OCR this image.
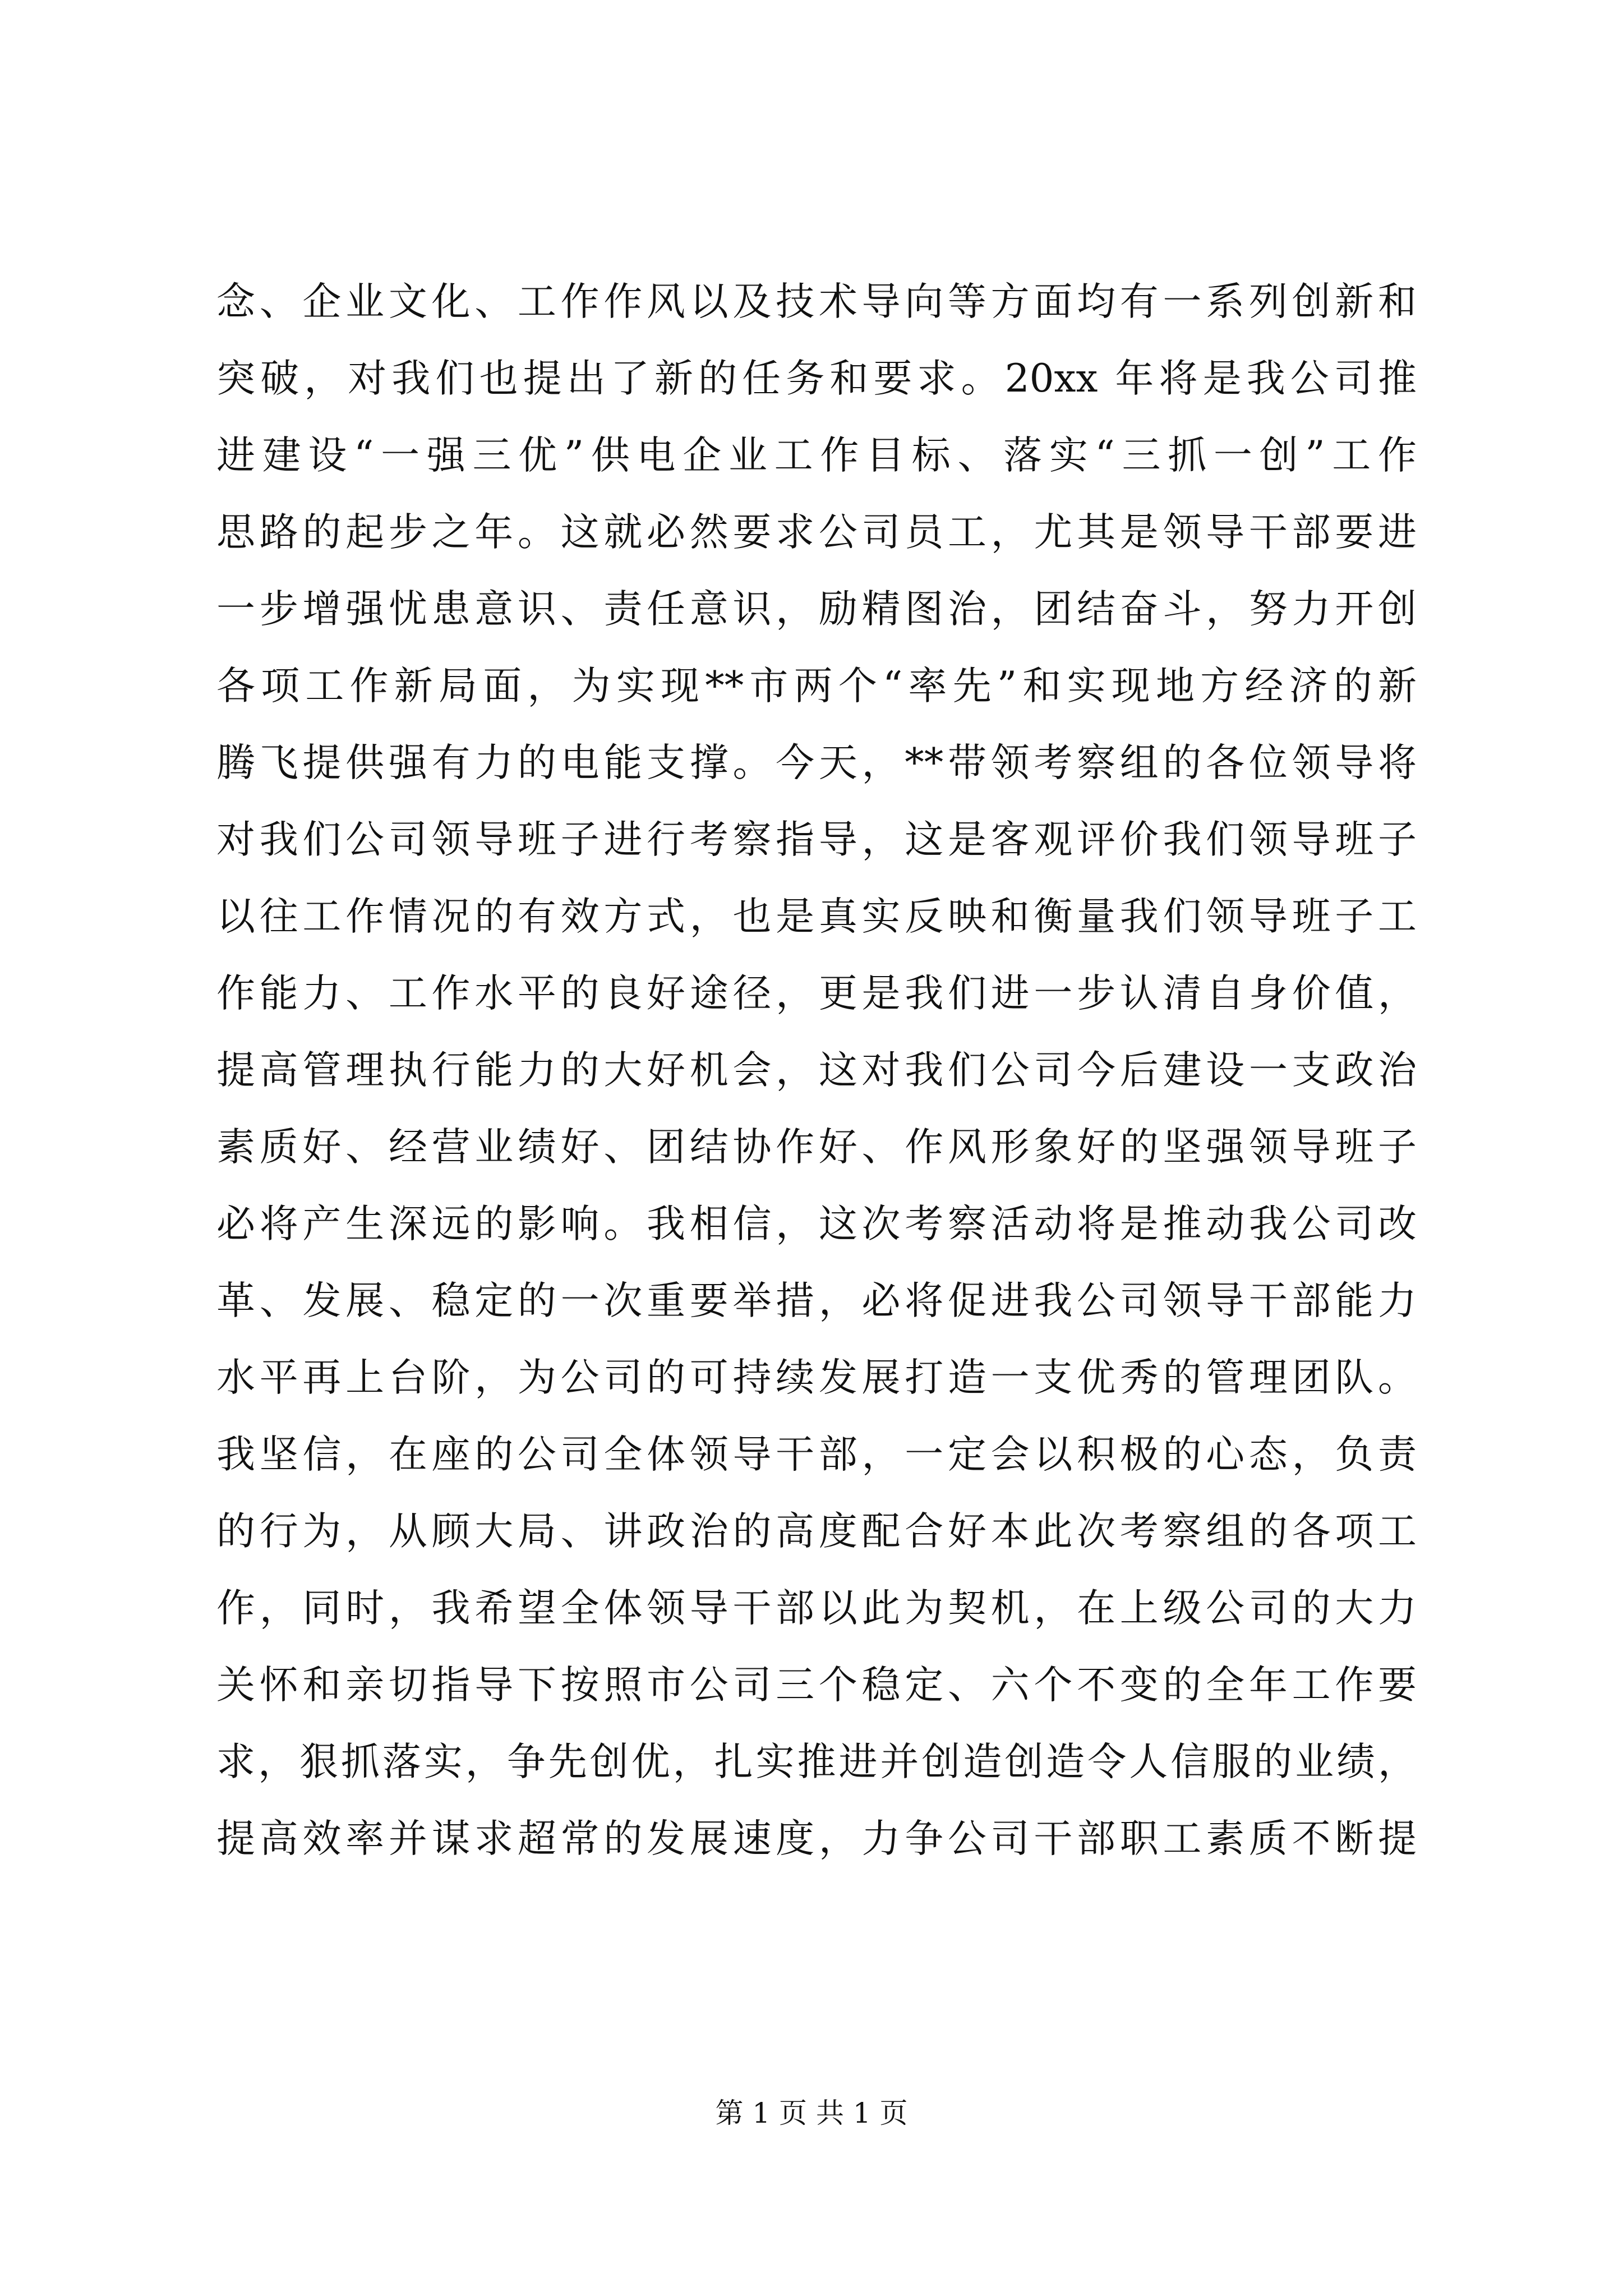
念、企业文化、工作作风以及技术导向等方面均有一系列创新和
突破，对我们也提出了新的任务和要求。20xx 年将是我公司推
进建设“一强三优”供电企业工作目标、落实“三抓一创”工作
思路的起步之年。这就必然要求公司员工，尤其是领导干部要进
一步增强忧患意识、责任意识，励精图治，团结奋斗，努力开创
各项工作新局面，为实现**市两个“率先”和实现地方经济的新
腾飞提供强有力的电能支撑。今天，**带领考察组的各位领导将
对我们公司领导班子进行考察指导，这是客观评价我们领导班子
以往工作情况的有效方式，也是真实反映和衡量我们领导班子工
作能力、工作水平的良好途径，更是我们进一步认清自身价值，
提高管理执行能力的大好机会，这对我们公司今后建设一支政治
素质好、经营业绩好、团结协作好、作风形象好的坚强领导班子
必将产生深远的影响。我相信，这次考察活动将是推动我公司改
革、发展、稳定的一次重要举措，必将促进我公司领导干部能力
水平再上台阶，为公司的可持续发展打造一支优秀的管理团队。
我坚信，在座的公司全体领导干部，一定会以积极的心态，负责
的行为，从顾大局、讲政治的高度配合好本此次考察组的各项工
作，同时，我希望全体领导干部以此为契机，在上级公司的大力
关怀和亲切指导下按照市公司三个稳定、六个不变的全年工作要
求，狠抓落实，争先创优，扎实推进并创造创造令人信服的业绩，
提高效率并谋求超常的发展速度，力争公司干部职工素质不断提
第 1 页 共 1 页
